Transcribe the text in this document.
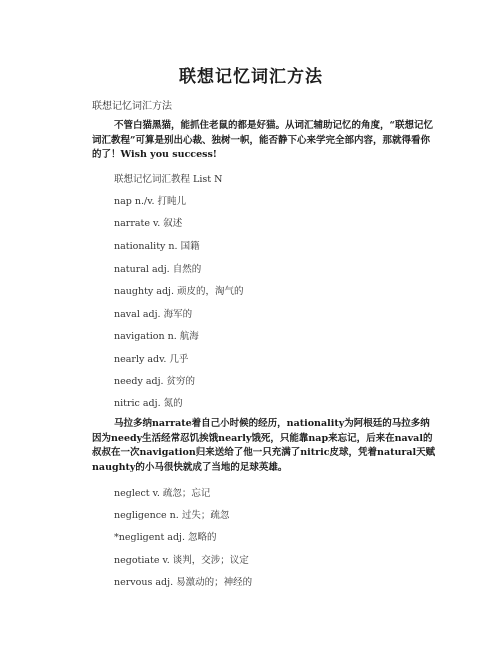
联想记忆词汇方法
联想记忆词汇方法

不管白猫黑猫，能抓住老鼠的都是好猫。从词汇辅助记忆的角度，“联想记忆词汇教程”可算是别出心裁、独树一帜，能否静下心来学完全部内容，那就得看你的了！Wish you success!

联想记忆词汇教程 List N
nap n./v. 打盹儿
narrate v. 叙述
nationality n. 国籍
natural adj. 自然的
naughty adj. 顽皮的，淘气的
naval adj. 海军的
navigation n. 航海
nearly adv. 几乎
needy adj. 贫穷的
nitric adj. 氮的

马拉多纳narrate着自己小时候的经历，nationality为阿根廷的马拉多纳因为needy生活经常忍饥挨饿nearly饿死，只能靠nap来忘记，后来在naval的叔叔在一次navigation归来送给了他一只充满了nitric皮球，凭着natural天赋naughty的小马很快就成了当地的足球英雄。

neglect v. 疏忽；忘记
negligence n. 过失；疏忽
*negligent adj. 忽略的
negotiate v. 谈判，交涉；议定
nervous adj. 易激动的；神经的
